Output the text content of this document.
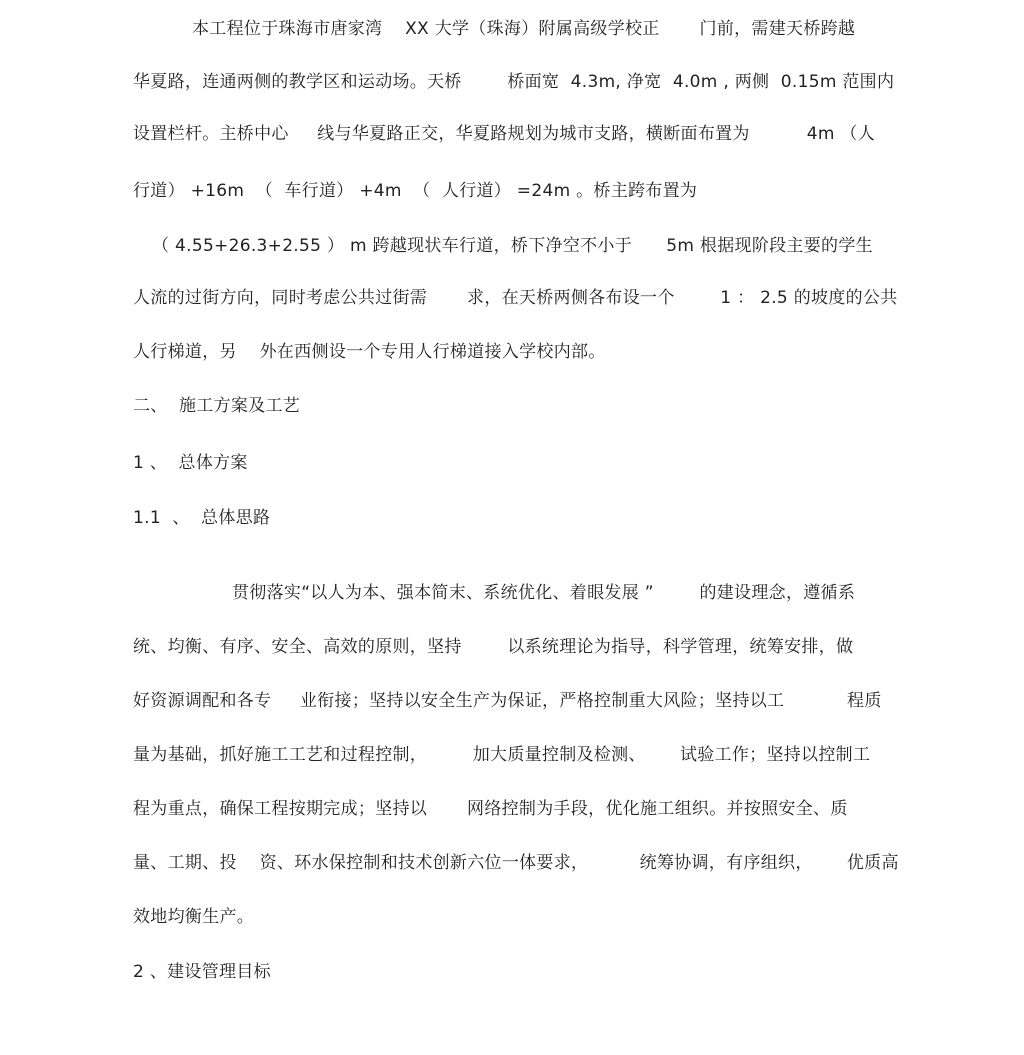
本工程位于珠海市唐家湾    XX 大学（珠海）附属高级学校正       门前，需建天桥跨越
华夏路，连通两侧的教学区和运动场。天桥        桥面宽  4.3m, 净宽  4.0m , 两侧  0.15m 范围内
设置栏杆。主桥中心     线与华夏路正交，华夏路规划为城市支路，横断面布置为          4m （人
行道） +16m  （  车行道） +4m  （  人行道） =24m 。桥主跨布置为
（ 4.55+26.3+2.55 ） m 跨越现状车行道，桥下净空不小于      5m 根据现阶段主要的学生
人流的过街方向，同时考虑公共过街需       求，在天桥两侧各布设一个        1 ： 2.5 的坡度的公共
人行梯道，另    外在西侧设一个专用人行梯道接入学校内部。
二、  施工方案及工艺
1 、  总体方案
1.1  、  总体思路
贯彻落实“以人为本、强本简末、系统优化、着眼发展 ”        的建设理念，遵循系
统、均衡、有序、安全、高效的原则，坚持        以系统理论为指导，科学管理，统筹安排，做
好资源调配和各专     业衔接；坚持以安全生产为保证，严格控制重大风险；坚持以工           程质
量为基础，抓好施工工艺和过程控制，        加大质量控制及检测、      试验工作；坚持以控制工
程为重点，确保工程按期完成；坚持以       网络控制为手段，优化施工组织。并按照安全、质
量、工期、投    资、环水保控制和技术创新六位一体要求，         统筹协调，有序组织，      优质高
效地均衡生产。
2 、建设管理目标
